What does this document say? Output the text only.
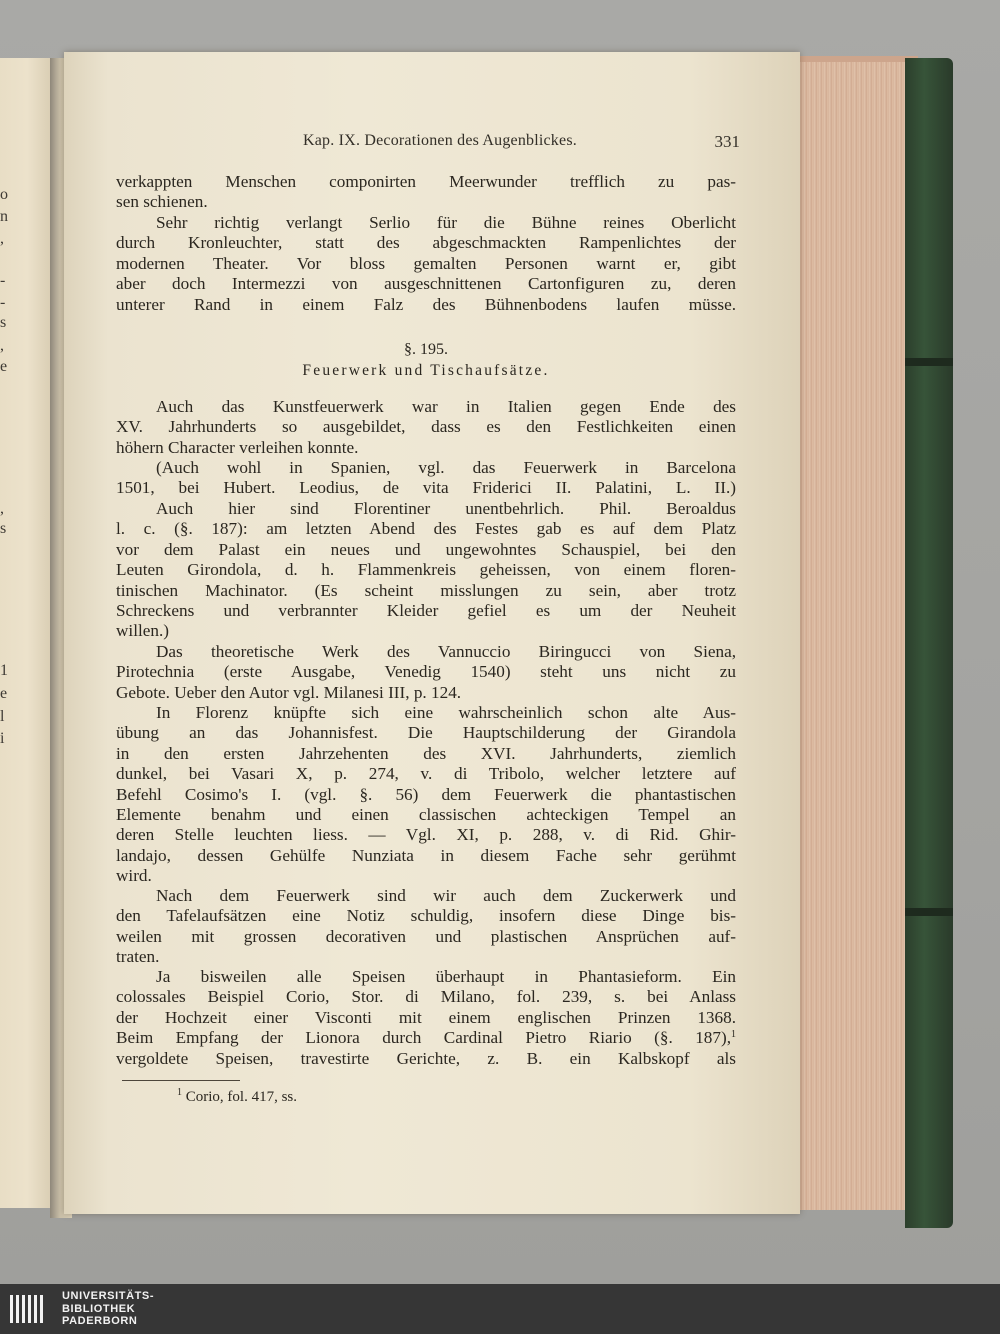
o
n
,
-
-
s
,
e
,
s
1
e
l
i
Kap. IX. Decorationen des Augenblickes.	331
verkappten Menschen componirten Meerwunder trefflich zu pas-
sen schienen.
Sehr richtig verlangt Serlio für die Bühne reines Oberlicht
durch Kronleuchter, statt des abgeschmackten Rampenlichtes der
modernen Theater. Vor bloss gemalten Personen warnt er, gibt
aber doch Intermezzi von ausgeschnittenen Cartonfiguren zu, deren
unterer Rand in einem Falz des Bühnenbodens laufen müsse.
§. 195.
Feuerwerk und Tischaufsätze.
Auch das Kunstfeuerwerk war in Italien gegen Ende des
XV. Jahrhunderts so ausgebildet, dass es den Festlichkeiten einen
höhern Character verleihen konnte.
(Auch wohl in Spanien, vgl. das Feuerwerk in Barcelona
1501, bei Hubert. Leodius, de vita Friderici II. Palatini, L. II.)
Auch hier sind Florentiner unentbehrlich. Phil. Beroaldus
l. c. (§. 187): am letzten Abend des Festes gab es auf dem Platz
vor dem Palast ein neues und ungewohntes Schauspiel, bei den
Leuten Girondola, d. h. Flammenkreis geheissen, von einem floren-
tinischen Machinator. (Es scheint misslungen zu sein, aber trotz
Schreckens und verbrannter Kleider gefiel es um der Neuheit
willen.)
Das theoretische Werk des Vannuccio Biringucci von Siena,
Pirotechnia (erste Ausgabe, Venedig 1540) steht uns nicht zu
Gebote. Ueber den Autor vgl. Milanesi III, p. 124.
In Florenz knüpfte sich eine wahrscheinlich schon alte Aus-
übung an das Johannisfest. Die Hauptschilderung der Girandola
in den ersten Jahrzehenten des XVI. Jahrhunderts, ziemlich
dunkel, bei Vasari X, p. 274, v. di Tribolo, welcher letztere auf
Befehl Cosimo's I. (vgl. §. 56) dem Feuerwerk die phantastischen
Elemente benahm und einen classischen achteckigen Tempel an
deren Stelle leuchten liess. — Vgl. XI, p. 288, v. di Rid. Ghir-
landajo, dessen Gehülfe Nunziata in diesem Fache sehr gerühmt
wird.
Nach dem Feuerwerk sind wir auch dem Zuckerwerk und
den Tafelaufsätzen eine Notiz schuldig, insofern diese Dinge bis-
weilen mit grossen decorativen und plastischen Ansprüchen auf-
traten.
Ja bisweilen alle Speisen überhaupt in Phantasieform. Ein
colossales Beispiel Corio, Stor. di Milano, fol. 239, s. bei Anlass
der Hochzeit einer Visconti mit einem englischen Prinzen 1368.
Beim Empfang der Lionora durch Cardinal Pietro Riario (§. 187),$^1$
vergoldete Speisen, travestirte Gerichte, z. B. ein Kalbskopf als
$^1$ Corio, fol. 417, ss.
UNIVERSITÄTS-
BIBLIOTHEK
PADERBORN
